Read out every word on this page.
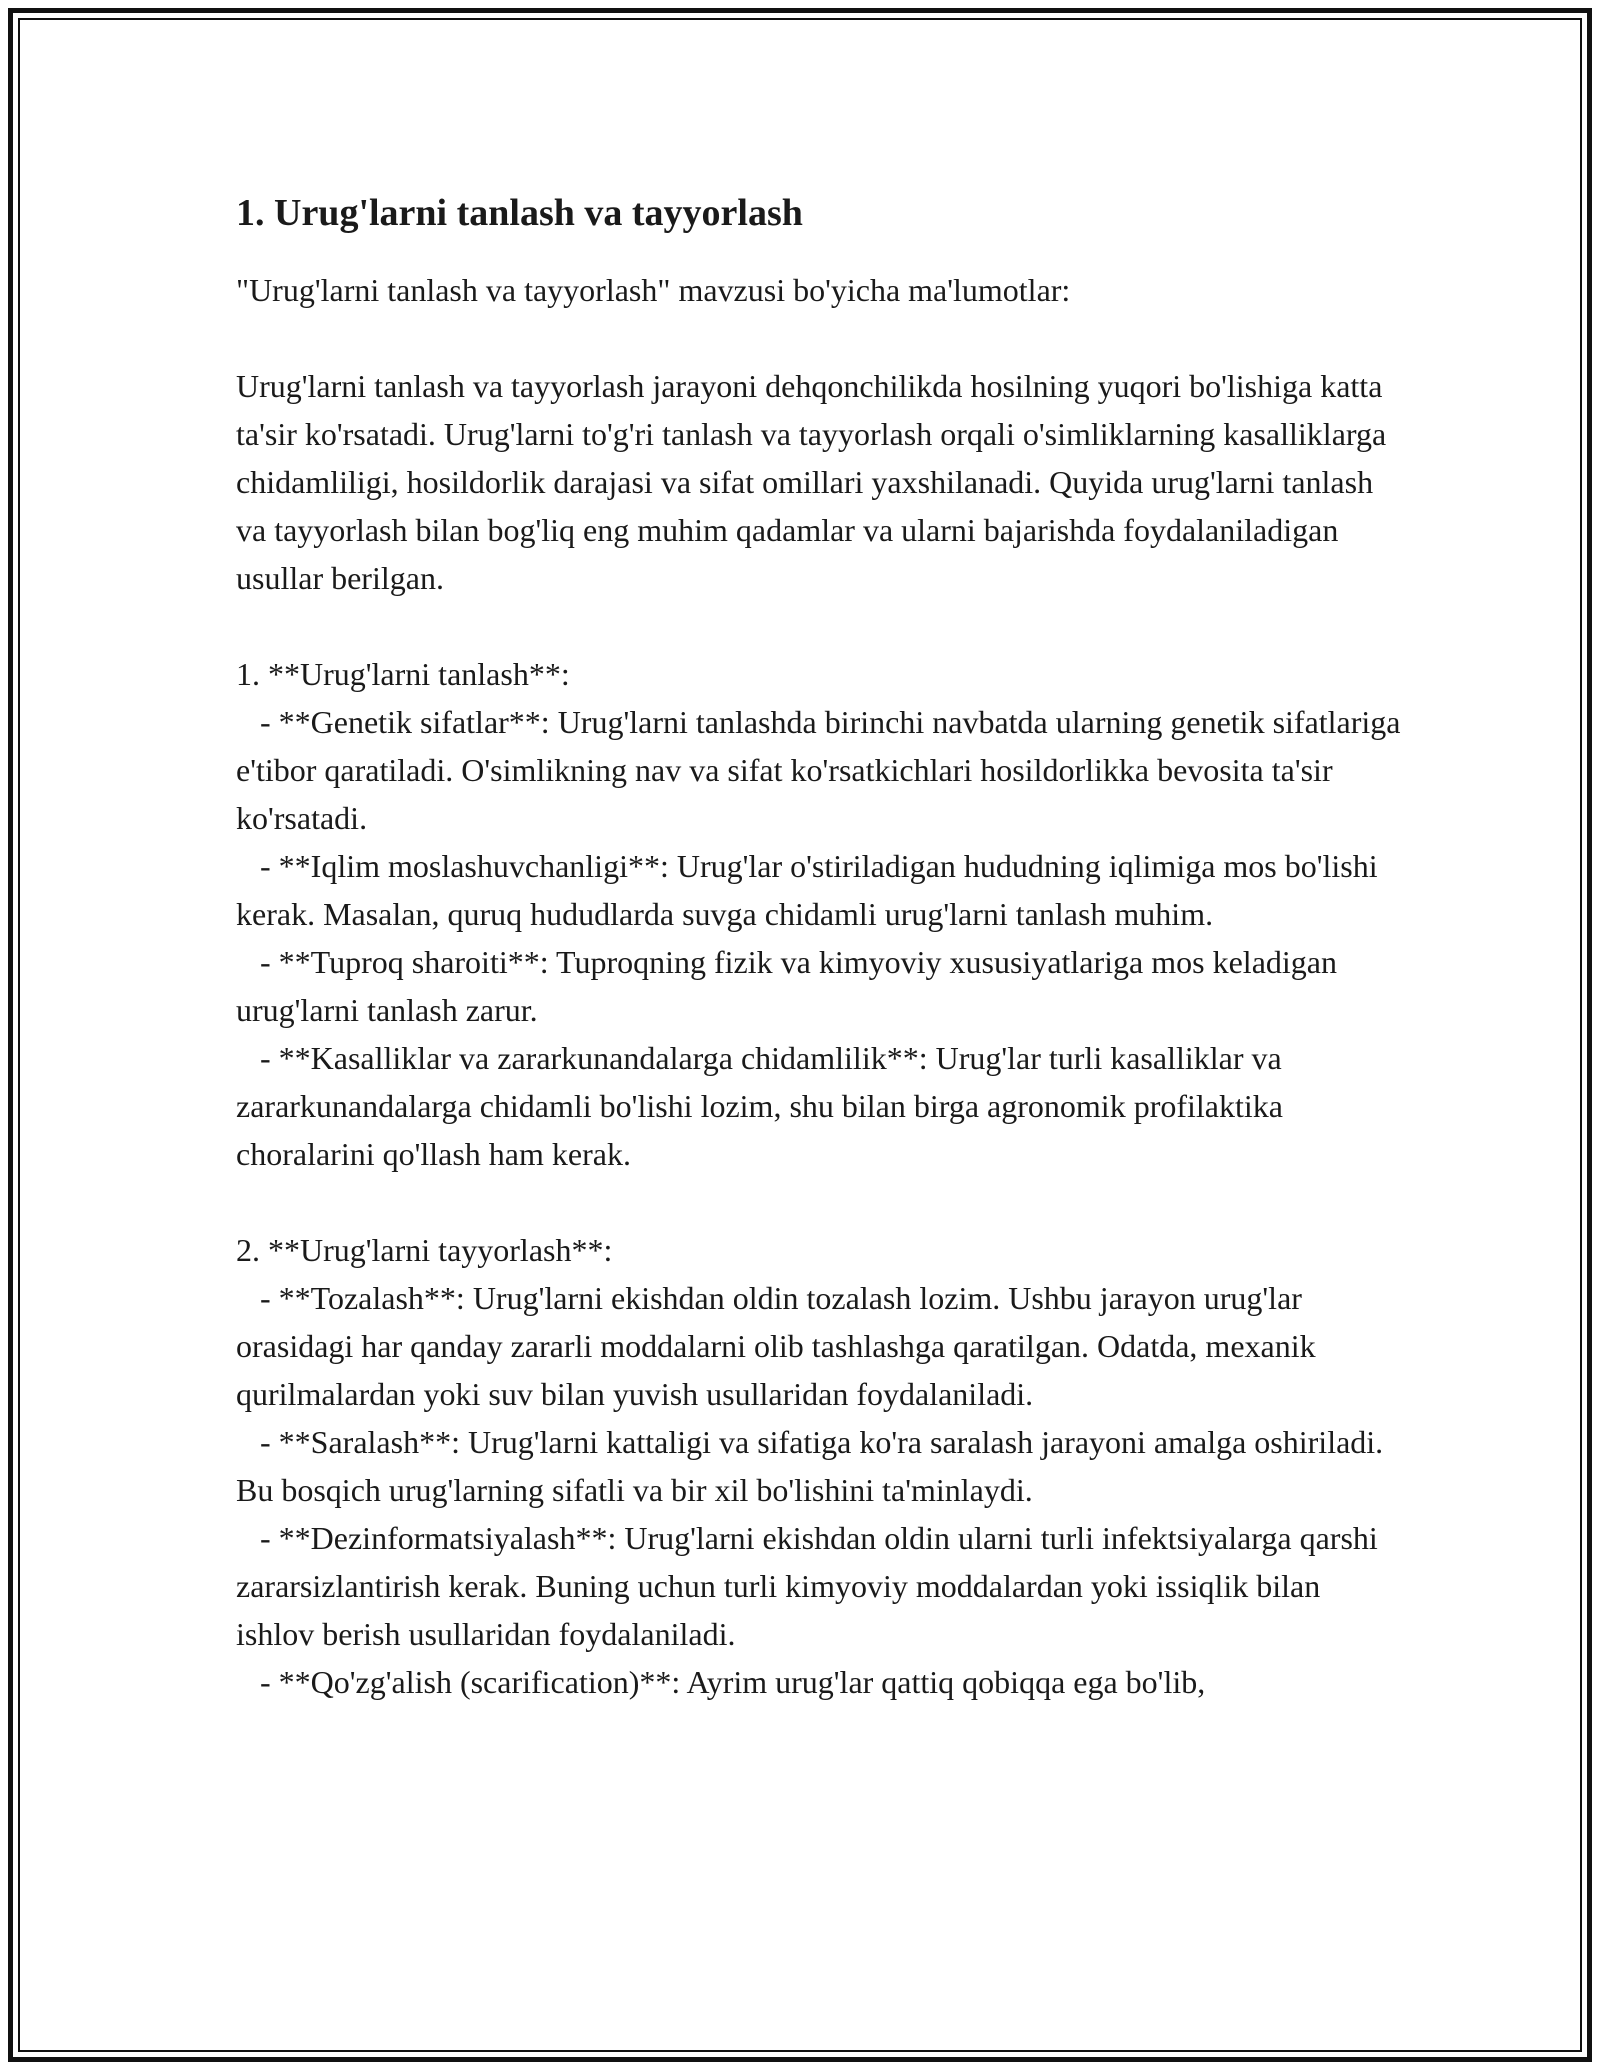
1. Urug'larni tanlash va tayyorlash

"Urug'larni tanlash va tayyorlash" mavzusi bo'yicha ma'lumotlar:

Urug'larni tanlash va tayyorlash jarayoni dehqonchilikda hosilning yuqori bo'lishiga katta ta'sir ko'rsatadi. Urug'larni to'g'ri tanlash va tayyorlash orqali o'simliklarning kasalliklarga chidamliligi, hosildorlik darajasi va sifat omillari yaxshilanadi. Quyida urug'larni tanlash va tayyorlash bilan bog'liq eng muhim qadamlar va ularni bajarishda foydalaniladigan usullar berilgan.

1. **Urug'larni tanlash**:

- **Genetik sifatlar**: Urug'larni tanlashda birinchi navbatda ularning genetik sifatlariga e'tibor qaratiladi. O'simlikning nav va sifat ko'rsatkichlari hosildorlikka bevosita ta'sir ko'rsatadi.

- **Iqlim moslashuvchanligi**: Urug'lar o'stiriladigan hududning iqlimiga mos bo'lishi kerak. Masalan, quruq hududlarda suvga chidamli urug'larni tanlash muhim.

- **Tuproq sharoiti**: Tuproqning fizik va kimyoviy xususiyatlariga mos keladigan urug'larni tanlash zarur.

- **Kasalliklar va zararkunandalarga chidamlilik**: Urug'lar turli kasalliklar va zararkunandalarga chidamli bo'lishi lozim, shu bilan birga agronomik profilaktika choralarini qo'llash ham kerak.

2. **Urug'larni tayyorlash**:

- **Tozalash**: Urug'larni ekishdan oldin tozalash lozim. Ushbu jarayon urug'lar orasidagi har qanday zararli moddalarni olib tashlashga qaratilgan. Odatda, mexanik qurilmalardan yoki suv bilan yuvish usullaridan foydalaniladi.

- **Saralash**: Urug'larni kattaligi va sifatiga ko'ra saralash jarayoni amalga oshiriladi. Bu bosqich urug'larning sifatli va bir xil bo'lishini ta'minlaydi.

- **Dezinformatsiyalash**: Urug'larni ekishdan oldin ularni turli infektsiyalarga qarshi zararsizlantirish kerak. Buning uchun turli kimyoviy moddalardan yoki issiqlik bilan ishlov berish usullaridan foydalaniladi.

- **Qo'zg'alish (scarification)**: Ayrim urug'lar qattiq qobiqqa ega bo'lib,
